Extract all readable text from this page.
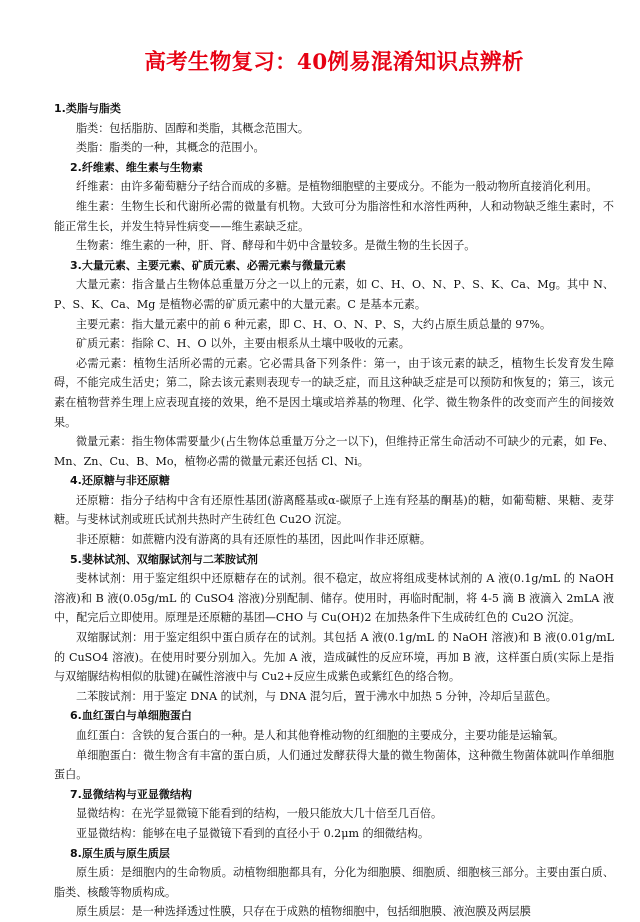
高考生物复习：40例易混淆知识点辨析
1.类脂与脂类
脂类：包括脂肪、固醇和类脂，其概念范围大。
类脂：脂类的一种，其概念的范围小。
2.纤维素、维生素与生物素
纤维素：由许多葡萄糖分子结合而成的多糖。是植物细胞壁的主要成分。不能为一般动物所直接消化利用。
维生素：生物生长和代谢所必需的微量有机物。大致可分为脂溶性和水溶性两种，人和动物缺乏维生素时，不能正常生长，并发生特异性病变——维生素缺乏症。
生物素：维生素的一种，肝、肾、酵母和牛奶中含量较多。是微生物的生长因子。
3.大量元素、主要元素、矿质元素、必需元素与微量元素
大量元素：指含量占生物体总重量万分之一以上的元素，如 C、H、O、N、P、S、K、Ca、Mg。其中 N、P、S、K、Ca、Mg 是植物必需的矿质元素中的大量元素。C 是基本元素。
主要元素：指大量元素中的前 6 种元素，即 C、H、O、N、P、S，大约占原生质总量的 97%。
矿质元素：指除 C、H、O 以外，主要由根系从土壤中吸收的元素。
必需元素：植物生活所必需的元素。它必需具备下列条件：第一，由于该元素的缺乏，植物生长发育发生障碍，不能完成生活史；第二，除去该元素则表现专一的缺乏症，而且这种缺乏症是可以预防和恢复的；第三，该元素在植物营养生理上应表现直接的效果，绝不是因土壤或培养基的物理、化学、微生物条件的改变而产生的间接效果。
微量元素：指生物体需要量少(占生物体总重量万分之一以下)，但维持正常生命活动不可缺少的元素，如 Fe、Mn、Zn、Cu、B、Mo，植物必需的微量元素还包括 Cl、Ni。
4.还原糖与非还原糖
还原糖：指分子结构中含有还原性基团(游离醛基或α-碳原子上连有羟基的酮基)的糖，如葡萄糖、果糖、麦芽糖。与斐林试剂或班氏试剂共热时产生砖红色 Cu2O 沉淀。
非还原糖：如蔗糖内没有游离的具有还原性的基团，因此叫作非还原糖。
5.斐林试剂、双缩脲试剂与二苯胺试剂
斐林试剂：用于鉴定组织中还原糖存在的试剂。很不稳定，故应将组成斐林试剂的 A 液(0.1g/mL 的 NaOH 溶液)和 B 液(0.05g/mL 的 CuSO4 溶液)分别配制、储存。使用时，再临时配制，将 4-5 滴 B 液滴入 2mLA 液中，配完后立即使用。原理是还原糖的基团—CHO 与 Cu(OH)2 在加热条件下生成砖红色的 Cu2O 沉淀。
双缩脲试剂：用于鉴定组织中蛋白质存在的试剂。其包括 A 液(0.1g/mL 的 NaOH 溶液)和 B 液(0.01g/mL 的 CuSO4 溶液)。在使用时要分别加入。先加 A 液，造成碱性的反应环境，再加 B 液，这样蛋白质(实际上是指与双缩脲结构相似的肽键)在碱性溶液中与 Cu2+反应生成紫色或紫红色的络合物。
二苯胺试剂：用于鉴定 DNA 的试剂，与 DNA 混匀后，置于沸水中加热 5 分钟，冷却后呈蓝色。
6.血红蛋白与单细胞蛋白
血红蛋白：含铁的复合蛋白的一种。是人和其他脊椎动物的红细胞的主要成分，主要功能是运输氧。
单细胞蛋白：微生物含有丰富的蛋白质，人们通过发酵获得大量的微生物菌体，这种微生物菌体就叫作单细胞蛋白。
7.显微结构与亚显微结构
显微结构：在光学显微镜下能看到的结构，一般只能放大几十倍至几百倍。
亚显微结构：能够在电子显微镜下看到的直径小于 0.2μm 的细微结构。
8.原生质与原生质层
原生质：是细胞内的生命物质。动植物细胞都具有，分化为细胞膜、细胞质、细胞核三部分。主要由蛋白质、脂类、核酸等物质构成。
原生质层：是一种选择透过性膜，只存在于成熟的植物细胞中，包括细胞膜、液泡膜及两层膜
